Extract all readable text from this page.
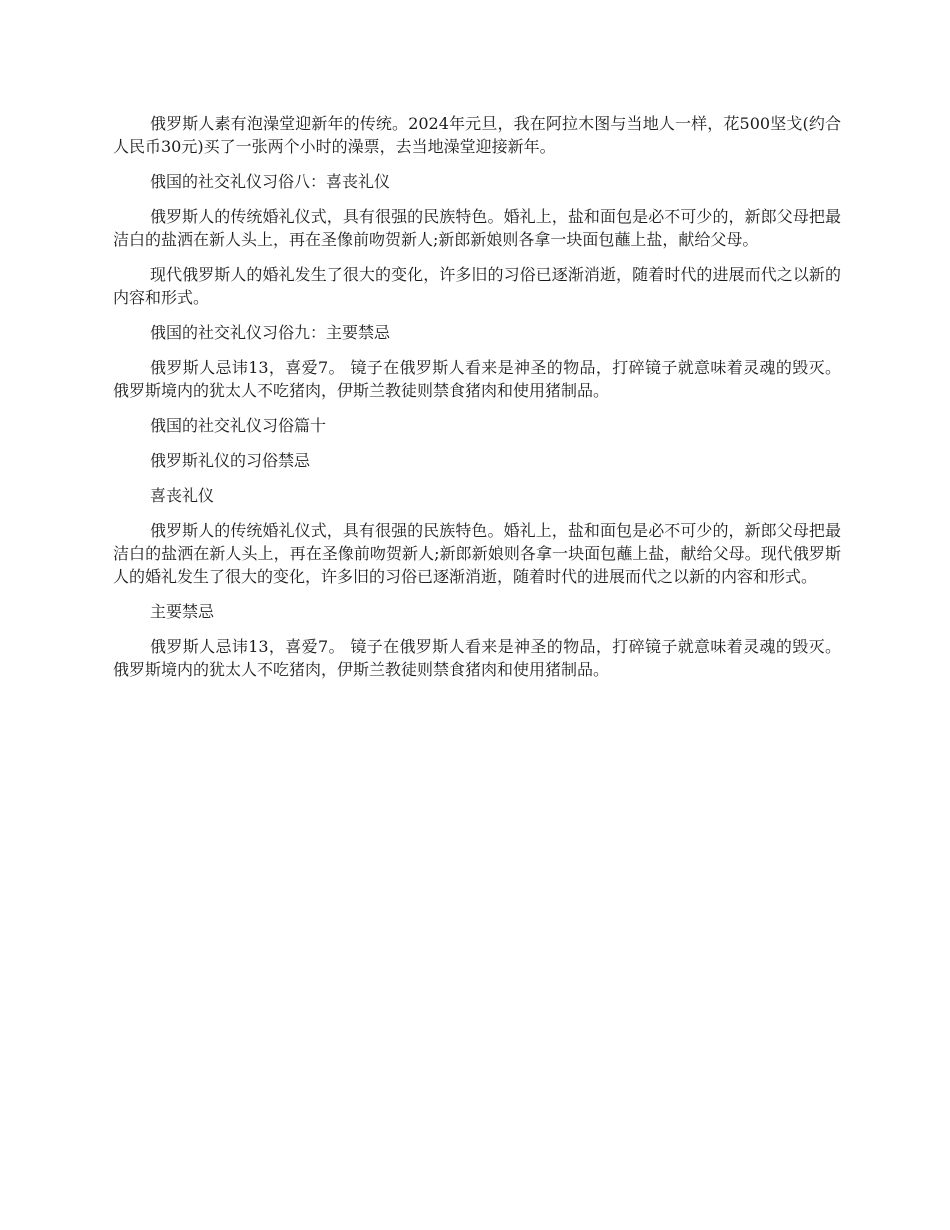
俄罗斯人素有泡澡堂迎新年的传统。2024年元旦，我在阿拉木图与当地人一样，花500坚戈(约合人民币30元)买了一张两个小时的澡票，去当地澡堂迎接新年。

俄国的社交礼仪习俗八：喜丧礼仪

俄罗斯人的传统婚礼仪式，具有很强的民族特色。婚礼上，盐和面包是必不可少的，新郎父母把最洁白的盐洒在新人头上，再在圣像前吻贺新人;新郎新娘则各拿一块面包蘸上盐，献给父母。

现代俄罗斯人的婚礼发生了很大的变化，许多旧的习俗已逐渐消逝，随着时代的进展而代之以新的内容和形式。

俄国的社交礼仪习俗九：主要禁忌

俄罗斯人忌讳13，喜爱7。 镜子在俄罗斯人看来是神圣的物品，打碎镜子就意味着灵魂的毁灭。俄罗斯境内的犹太人不吃猪肉，伊斯兰教徒则禁食猪肉和使用猪制品。

俄国的社交礼仪习俗篇十

俄罗斯礼仪的习俗禁忌

喜丧礼仪

俄罗斯人的传统婚礼仪式，具有很强的民族特色。婚礼上，盐和面包是必不可少的，新郎父母把最洁白的盐洒在新人头上，再在圣像前吻贺新人;新郎新娘则各拿一块面包蘸上盐，献给父母。现代俄罗斯人的婚礼发生了很大的变化，许多旧的习俗已逐渐消逝，随着时代的进展而代之以新的内容和形式。

主要禁忌

俄罗斯人忌讳13，喜爱7。 镜子在俄罗斯人看来是神圣的物品，打碎镜子就意味着灵魂的毁灭。俄罗斯境内的犹太人不吃猪肉，伊斯兰教徒则禁食猪肉和使用猪制品。
